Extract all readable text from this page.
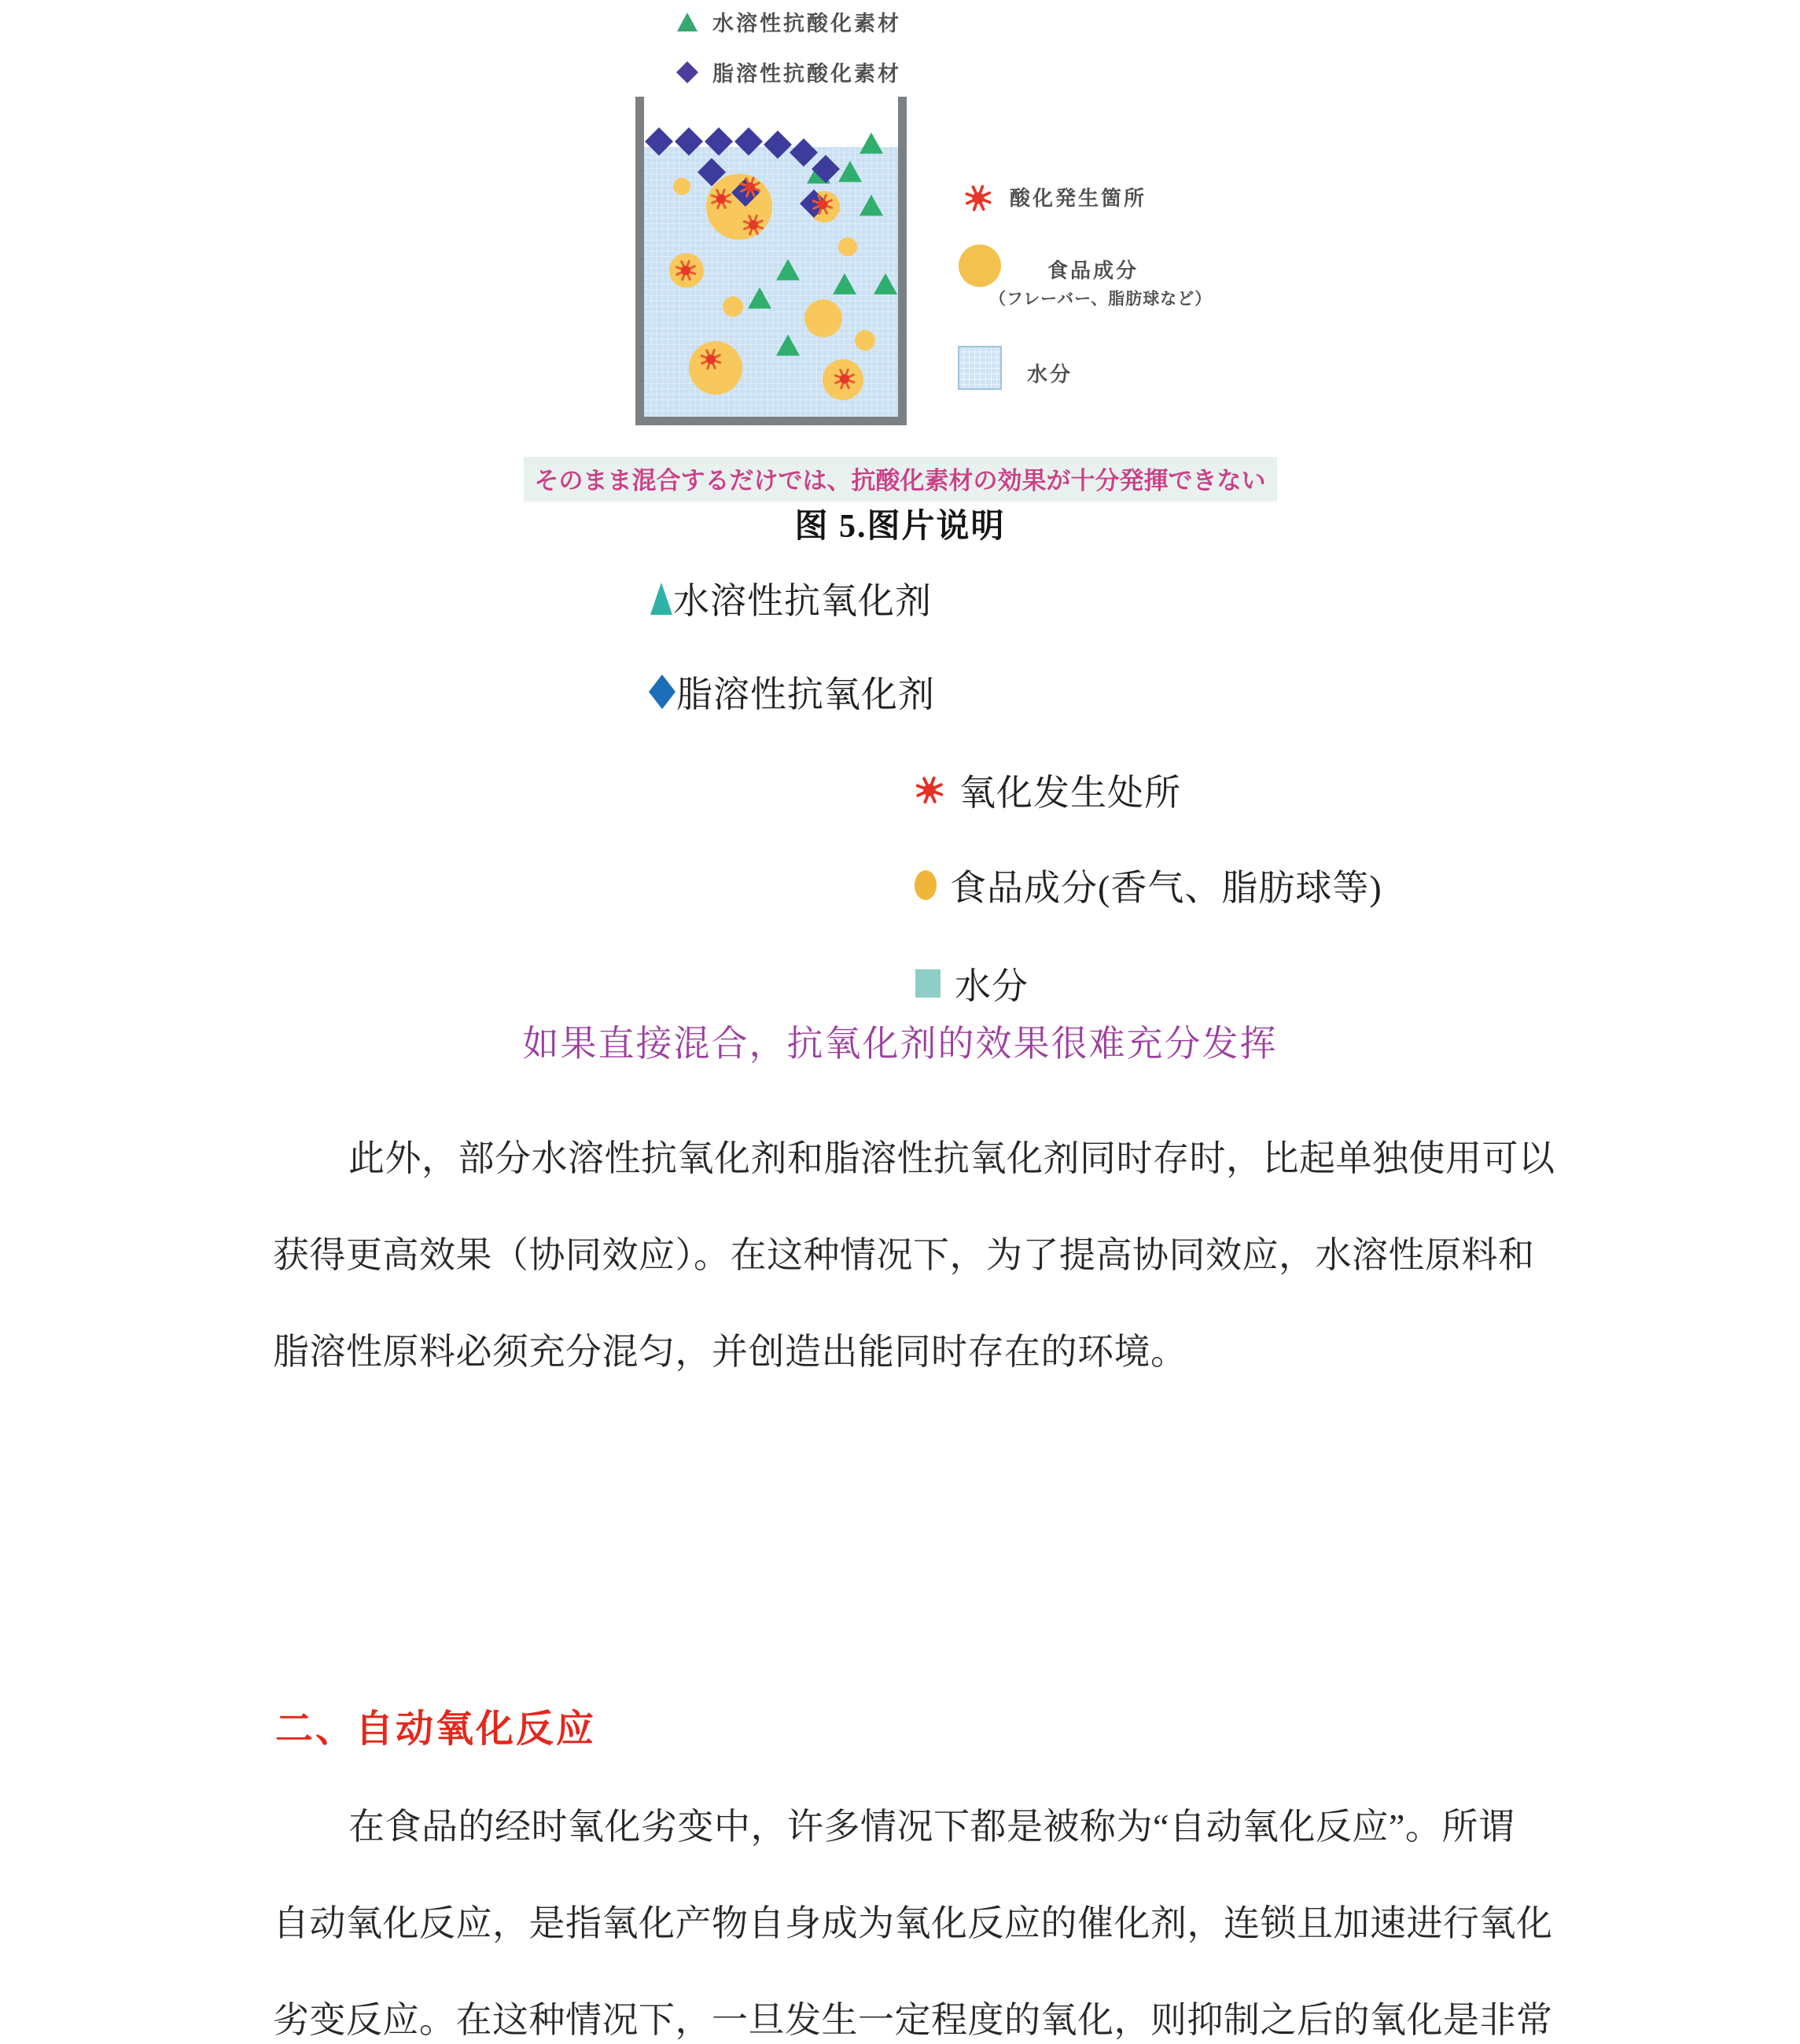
水溶性抗酸化素材
脂溶性抗酸化素材
酸化発生箇所
食品成分
（フレーバー、脂肪球など）
水分
そのまま混合するだけでは、抗酸化素材の効果が十分発揮できない
图 5.图片说明
水溶性抗氧化剂
脂溶性抗氧化剂
氧化发生处所
食品成分(香气、脂肪球等)
水分
如果直接混合，抗氧化剂的效果很难充分发挥
此外，部分水溶性抗氧化剂和脂溶性抗氧化剂同时存时，比起单独使用可以
获得更高效果（协同效应）。在这种情况下，为了提高协同效应，水溶性原料和
脂溶性原料必须充分混匀，并创造出能同时存在的环境。
二、自动氧化反应
在食品的经时氧化劣变中，许多情况下都是被称为“自动氧化反应”。所谓
自动氧化反应，是指氧化产物自身成为氧化反应的催化剂，连锁且加速进行氧化
劣变反应。在这种情况下，一旦发生一定程度的氧化，则抑制之后的氧化是非常
